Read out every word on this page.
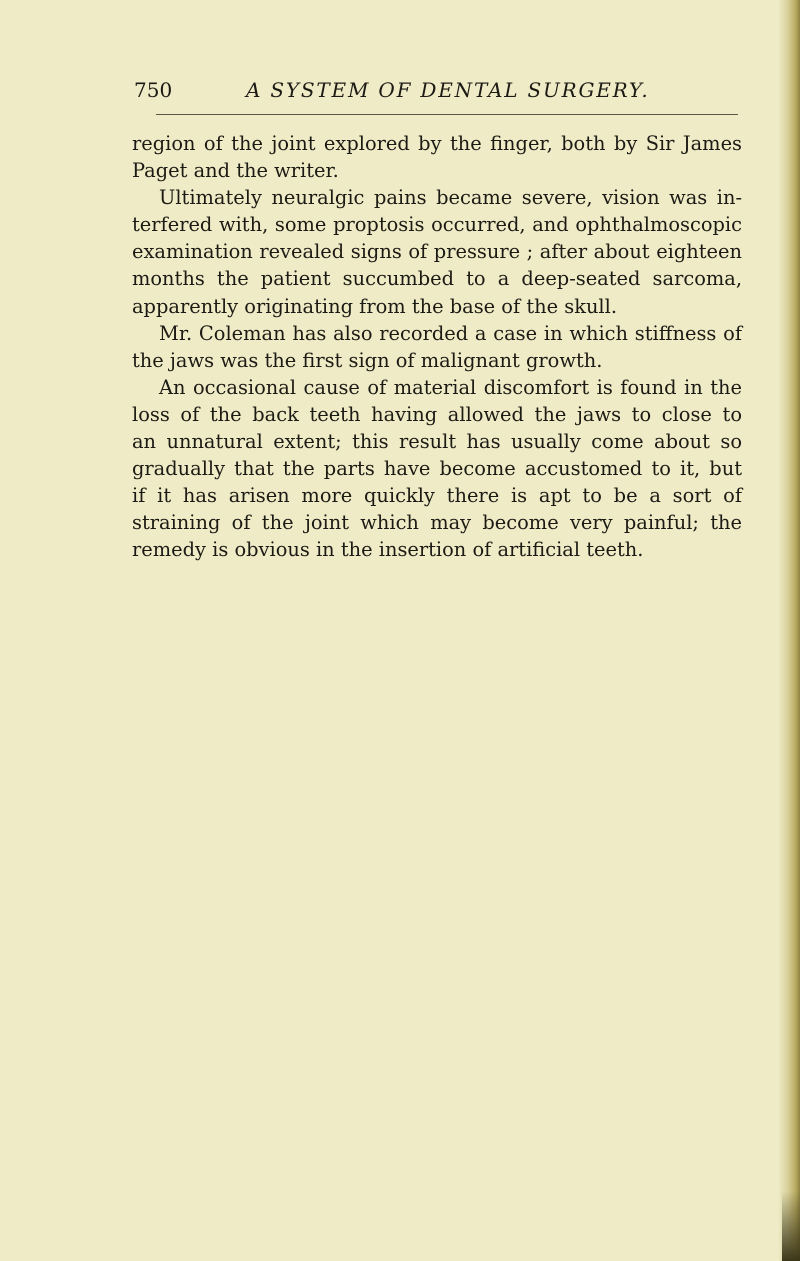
750	A SYSTEM OF DENTAL SURGERY.
region of the joint explored by the finger, both by Sir James
Paget and the writer.
Ultimately neuralgic pains became severe, vision was in-
terfered with, some proptosis occurred, and ophthalmoscopic
examination revealed signs of pressure ; after about eighteen
months the patient succumbed to a deep-seated sarcoma,
apparently originating from the base of the skull.
Mr. Coleman has also recorded a case in which stiffness of
the jaws was the first sign of malignant growth.
An occasional cause of material discomfort is found in the
loss of the back teeth having allowed the jaws to close to
an unnatural extent; this result has usually come about so
gradually that the parts have become accustomed to it, but
if it has arisen more quickly there is apt to be a sort of
straining of the joint which may become very painful; the
remedy is obvious in the insertion of artificial teeth.
